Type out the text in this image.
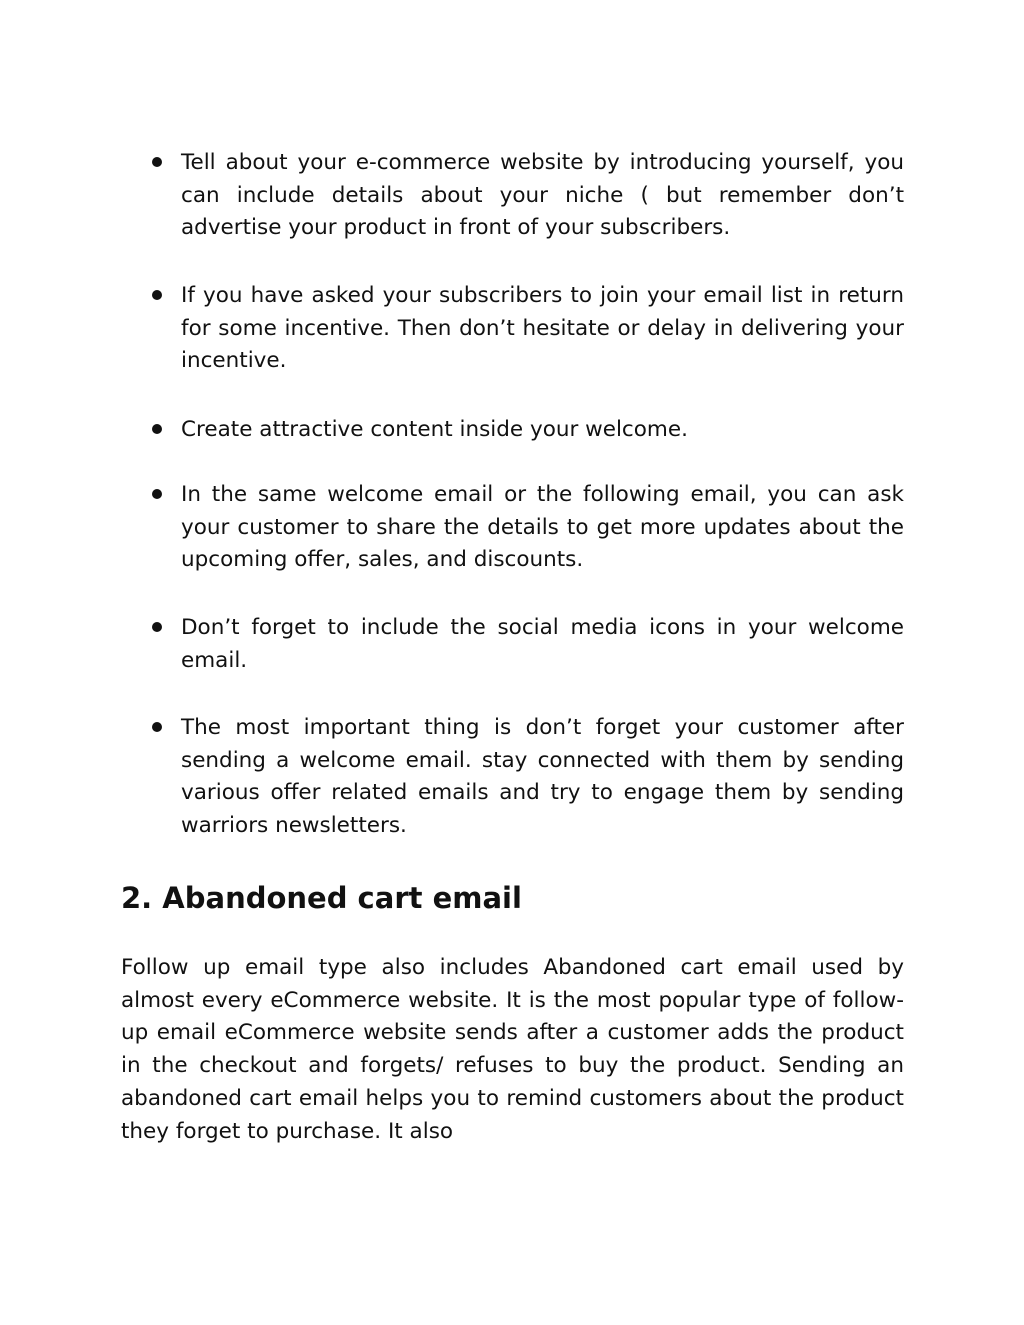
Tell about your e-commerce website by introducing yourself, you can include details about your niche ( but remember don’t advertise your product in front of your subscribers.
If you have asked your subscribers to join your email list in return for some incentive. Then don’t hesitate or delay in delivering your incentive.
Create attractive content inside your welcome.
In the same welcome email or the following email, you can ask your customer to share the details to get more updates about the upcoming offer, sales, and discounts.
Don’t forget to include the social media icons in your welcome email.
The most important thing is don’t forget your customer after sending a welcome email. stay connected with them by sending various offer related emails and try to engage them by sending warriors newsletters.
2. Abandoned cart email

Follow up email type also includes Abandoned cart email used by almost every eCommerce website. It is the most popular type of follow-up email eCommerce website sends after a customer adds the product in the checkout and forgets/ refuses to buy the product. Sending an abandoned cart email helps you to remind customers about the product they forget to purchase. It also
